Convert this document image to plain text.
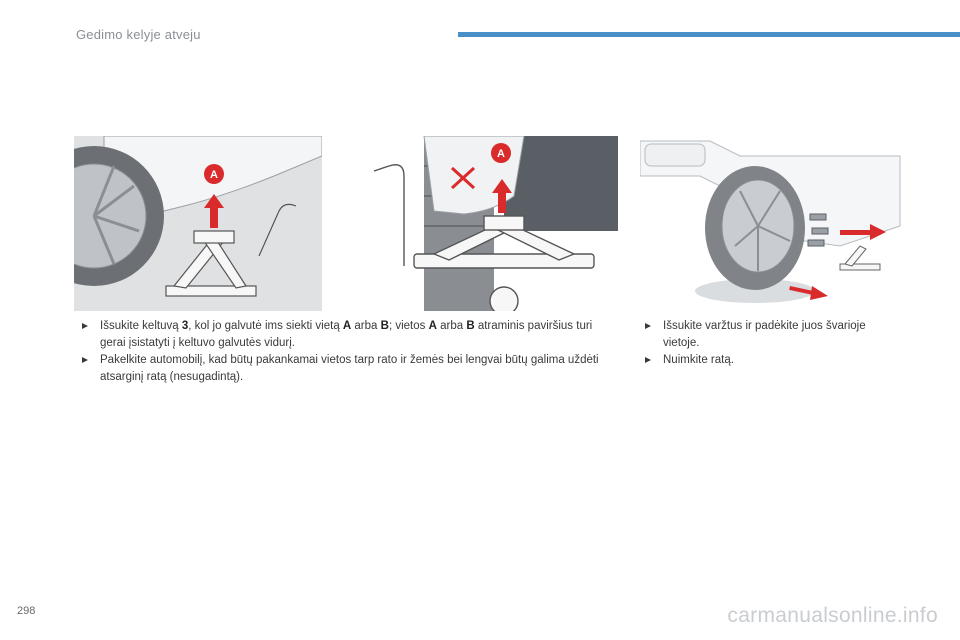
Gedimo kelyje atveju
A
A
Išsukite keltuvą 3, kol jo galvutė ims siekti vietą A arba B; vietos A arba B atraminis paviršius turi gerai įsistatyti į keltuvo galvutės vidurį.
Pakelkite automobilį, kad būtų pakankamai vietos tarp rato ir žemės bei lengvai būtų galima uždėti atsarginį ratą (nesugadintą).
Išsukite varžtus ir padėkite juos švarioje vietoje.
Nuimkite ratą.
298	carmanualsonline.info
